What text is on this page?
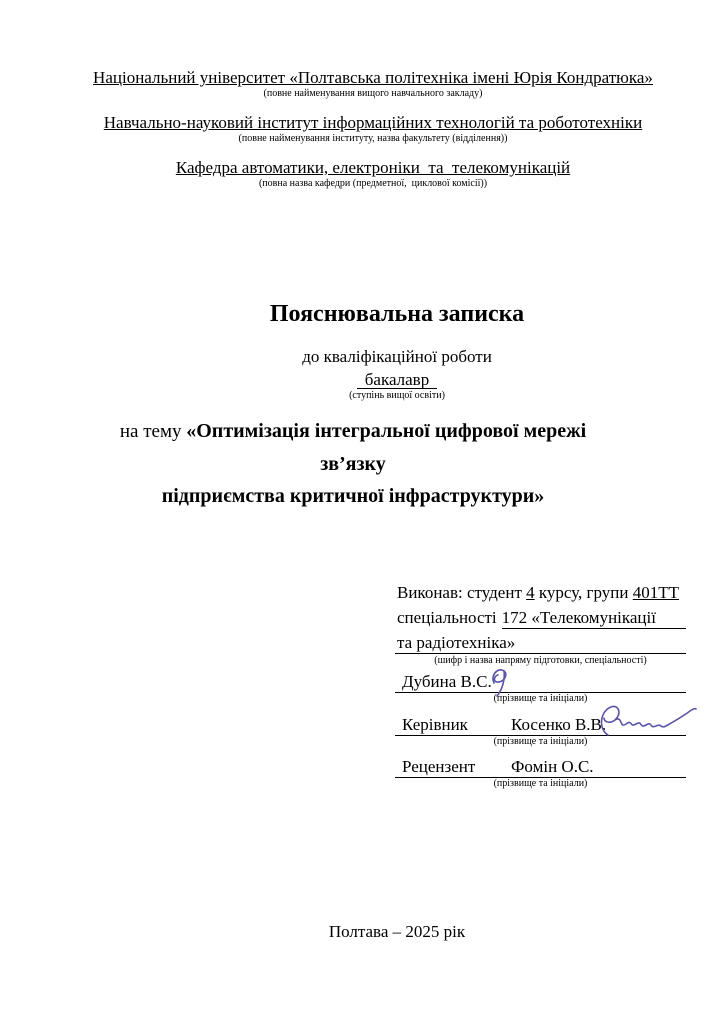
Національний університет «Полтавська політехніка імені Юрія Кондратюка»
(повне найменування вищого навчального закладу)
Навчально-науковий інститут інформаційних технологій та робототехніки
(повне найменування інституту, назва факультету (відділення))
Кафедра автоматики, електроніки  та  телекомунікацій
(повна назва кафедри (предметної,  циклової комісії))
Пояснювальна записка
до кваліфікаційної роботи
бакалавр
(ступінь вищої освіти)
на тему «Оптимізація інтегральної цифрової мережі зв’язку
підприємства критичної інфраструктури»
Виконав: студент 4 курсу, групи 401ТТ
спеціальності 172 «Телекомунікації
та радіотехніка»
(шифр і назва напряму підготовки, спеціальності)
Дубина В.С.
(прізвище та ініціали)
Керівник	Косенко В.В.
(прізвище та ініціали)
Рецензент Фомін О.С.
(прізвище та ініціали)
Полтава – 2025 рік
